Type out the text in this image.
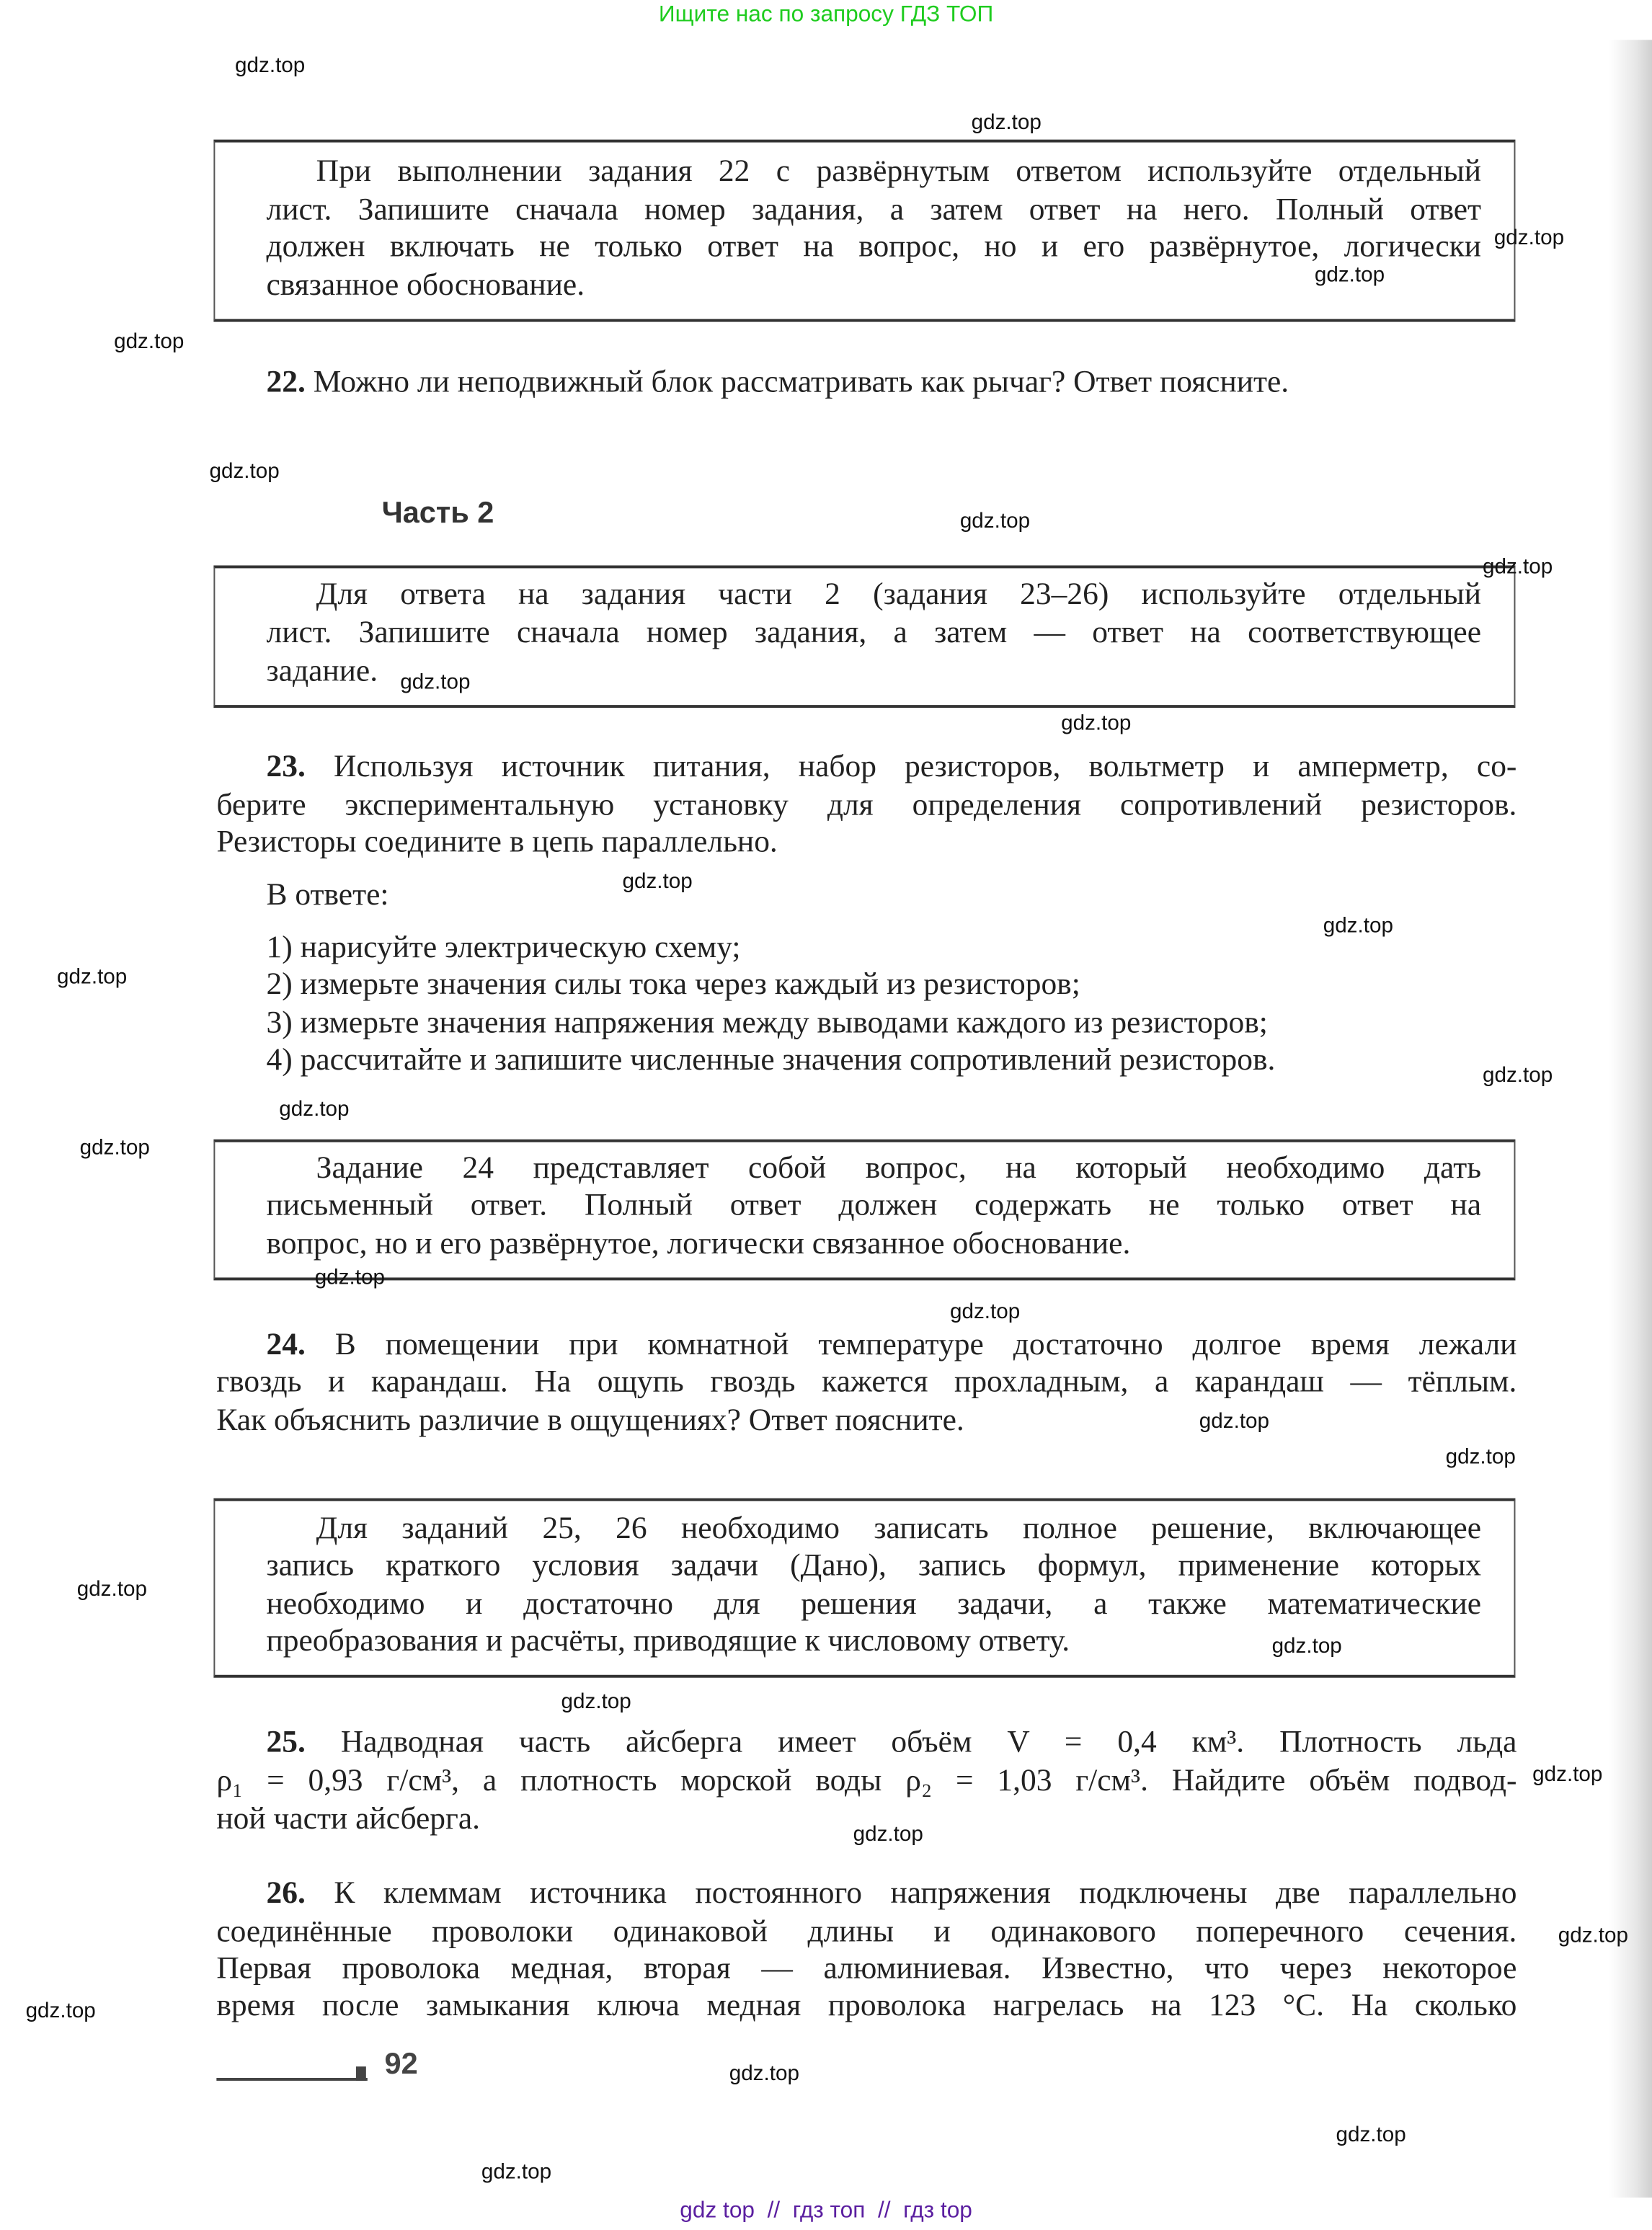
Ищите нас по запросу ГДЗ ТОП
При выполнении задания 22 с развёрнутым ответом используйте отдельный
лист. Запишите сначала номер задания, а затем ответ на него. Полный ответ
должен включать не только ответ на вопрос, но и его развёрнутое, логически
связанное обоснование.
22. Можно ли неподвижный блок рассматривать как рычаг? Ответ поясните.
Часть 2
Для ответа на задания части 2 (задания 23–26) используйте отдельный
лист. Запишите сначала номер задания, а затем — ответ на соответствующее
задание.
23. Используя источник питания, набор резисторов, вольтметр и амперметр, со-
берите экспериментальную установку для определения сопротивлений резисторов.
Резисторы соедините в цепь параллельно.
В ответе:
1) нарисуйте электрическую схему;
2) измерьте значения силы тока через каждый из резисторов;
3) измерьте значения напряжения между выводами каждого из резисторов;
4) рассчитайте и запишите численные значения сопротивлений резисторов.
Задание 24 представляет собой вопрос, на который необходимо дать
письменный ответ. Полный ответ должен содержать не только ответ на
вопрос, но и его развёрнутое, логически связанное обоснование.
24. В помещении при комнатной температуре достаточно долгое время лежали
гвоздь и карандаш. На ощупь гвоздь кажется прохладным, а карандаш — тёплым.
Как объяснить различие в ощущениях? Ответ поясните.
Для заданий 25, 26 необходимо записать полное решение, включающее
запись краткого условия задачи (Дано), запись формул, применение которых
необходимо и достаточно для решения задачи, а также математические
преобразования и расчёты, приводящие к числовому ответу.
25. Надводная часть айсберга имеет объём V = 0,4 км³. Плотность льда
ρ₁ = 0,93 г/см³, а плотность морской воды ρ₂ = 1,03 г/см³. Найдите объём подвод-
ной части айсберга.
26. К клеммам источника постоянного напряжения подключены две параллельно
соединённые проволоки одинаковой длины и одинакового поперечного сечения.
Первая проволока медная, вторая — алюминиевая. Известно, что через некоторое
время после замыкания ключа медная проволока нагрелась на 123 °C. На сколько
92
gdz.top
gdz.top
gdz.top
gdz.top
gdz.top
gdz.top
gdz.top
gdz.top
gdz.top
gdz.top
gdz.top
gdz.top
gdz.top
gdz.top
gdz.top
gdz.top
gdz.top
gdz.top
gdz.top
gdz.top
gdz.top
gdz.top
gdz.top
gdz.top
gdz.top
gdz.top
gdz.top
gdz.top
gdz.top
gdz.top
gdz top  //  гдз топ  //  гдз top
